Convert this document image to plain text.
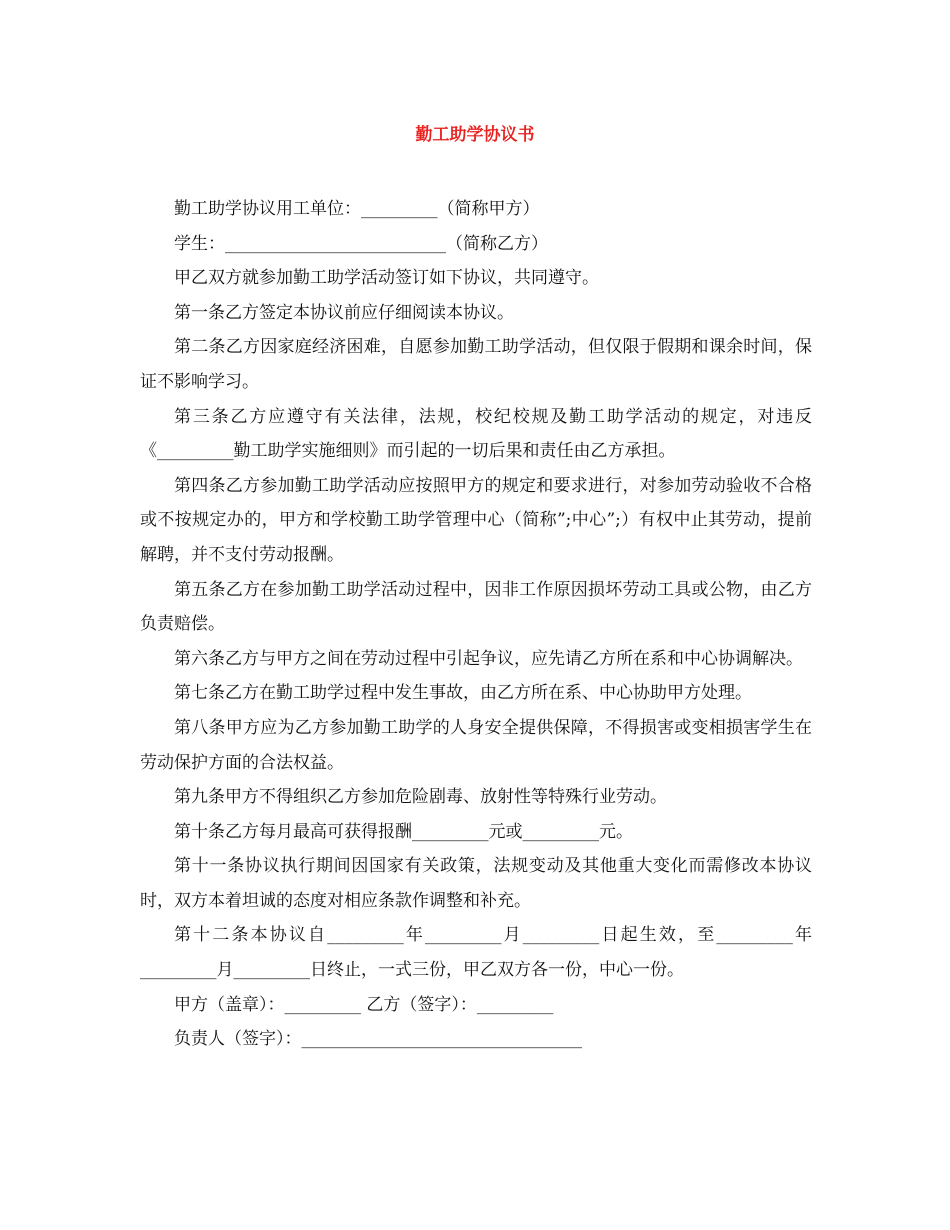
勤工助学协议书

勤工助学协议用工单位：_________（简称甲方）

学生：__________________________（简称乙方）

甲乙双方就参加勤工助学活动签订如下协议，共同遵守。

第一条乙方签定本协议前应仔细阅读本协议。

第二条乙方因家庭经济困难，自愿参加勤工助学活动，但仅限于假期和课余时间，保证不影响学习。

第三条乙方应遵守有关法律，法规，校纪校规及勤工助学活动的规定，对违反《_________勤工助学实施细则》而引起的一切后果和责任由乙方承担。

第四条乙方参加勤工助学活动应按照甲方的规定和要求进行，对参加劳动验收不合格或不按规定办的，甲方和学校勤工助学管理中心（简称”;中心”;）有权中止其劳动，提前解聘，并不支付劳动报酬。

第五条乙方在参加勤工助学活动过程中，因非工作原因损坏劳动工具或公物，由乙方负责赔偿。

第六条乙方与甲方之间在劳动过程中引起争议，应先请乙方所在系和中心协调解决。

第七条乙方在勤工助学过程中发生事故，由乙方所在系、中心协助甲方处理。

第八条甲方应为乙方参加勤工助学的人身安全提供保障，不得损害或变相损害学生在劳动保护方面的合法权益。

第九条甲方不得组织乙方参加危险剧毒、放射性等特殊行业劳动。

第十条乙方每月最高可获得报酬_________元或_________元。

第十一条协议执行期间因国家有关政策，法规变动及其他重大变化而需修改本协议时，双方本着坦诚的态度对相应条款作调整和补充。

第十二条本协议自_________年_________月_________日起生效，至_________年_________月_________日终止，一式三份，甲乙双方各一份，中心一份。

甲方（盖章）：_________ 乙方（签字）：_________

负责人（签字）：_________________________________
